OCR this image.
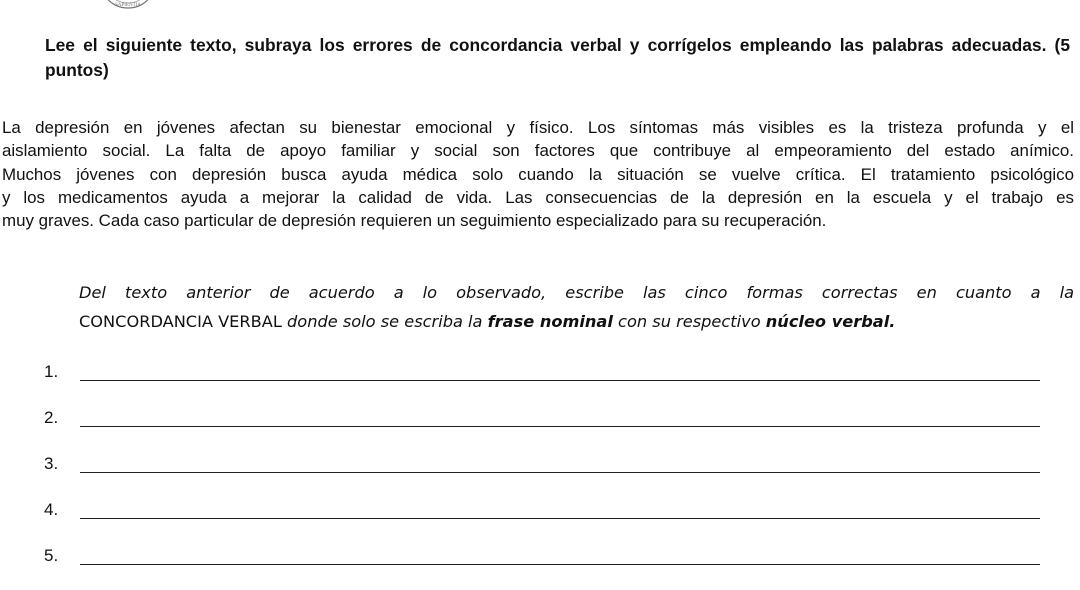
SAPIENTIA

Lee el siguiente texto, subraya los errores de concordancia verbal y corrígelos empleando las palabras adecuadas. (5 puntos)

La depresión en jóvenes afectan su bienestar emocional y físico. Los síntomas más visibles es la tristeza profunda y el
aislamiento social. La falta de apoyo familiar y social son factores que contribuye al empeoramiento del estado anímico.
Muchos jóvenes con depresión busca ayuda médica solo cuando la situación se vuelve crítica. El tratamiento psicológico
y los medicamentos ayuda a mejorar la calidad de vida. Las consecuencias de la depresión en la escuela y el trabajo es
muy graves. Cada caso particular de depresión requieren un seguimiento especializado para su recuperación.
Del texto anterior de acuerdo a lo observado, escribe las cinco formas correctas en cuanto a la
CONCORDANCIA VERBAL donde solo se escriba la frase nominal con su respectivo núcleo verbal.
1.
2.
3.
4.
5.
